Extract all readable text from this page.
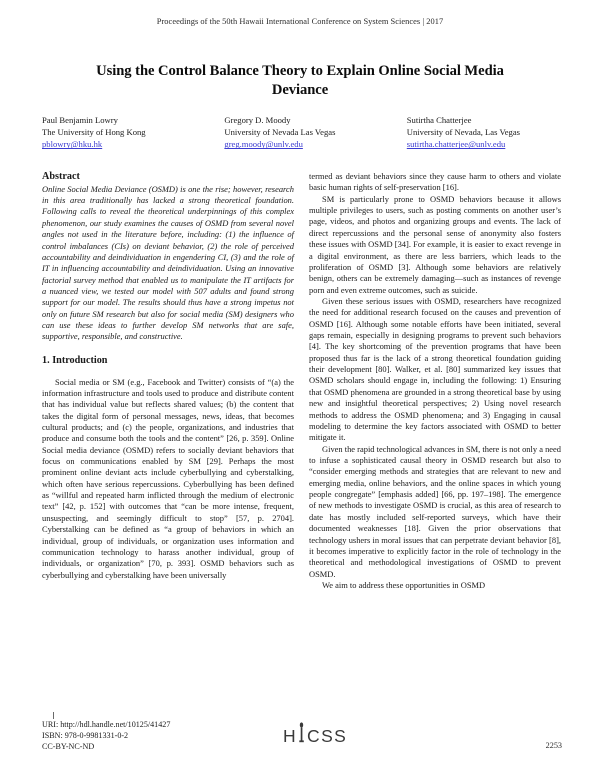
Proceedings of the 50th Hawaii International Conference on System Sciences | 2017
Using the Control Balance Theory to Explain Online Social Media Deviance
Paul Benjamin Lowry
The University of Hong Kong
pblowry@hku.hk
Gregory D. Moody
University of Nevada Las Vegas
greg.moody@unlv.edu
Sutirtha Chatterjee
University of Nevada, Las Vegas
sutirtha.chatterjee@unlv.edu
Abstract

Online Social Media Deviance (OSMD) is one the rise; however, research in this area traditionally has lacked a strong theoretical foundation. Following calls to reveal the theoretical underpinnings of this complex phenomenon, our study examines the causes of OSMD from several novel angles not used in the literature before, including: (1) the influence of control imbalances (CIs) on deviant behavior, (2) the role of perceived accountability and deindividuation in engendering CI, (3) and the role of IT in influencing accountability and deindividuation. Using an innovative factorial survey method that enabled us to manipulate the IT artifacts for a nuanced view, we tested our model with 507 adults and found strong support for our model. The results should thus have a strong impetus not only on future SM research but also for social media (SM) designers who can use these ideas to further develop SM networks that are safe, supportive, responsible, and constructive.

1. Introduction

Social media or SM (e.g., Facebook and Twitter) consists of “(a) the information infrastructure and tools used to produce and distribute content that has individual value but reflects shared values; (b) the content that takes the digital form of personal messages, news, ideas, that becomes cultural products; and (c) the people, organizations, and industries that produce and consume both the tools and the content” [26, p. 359]. Online Social media deviance (OSMD) refers to socially deviant behaviors that focus on communications enabled by SM [29]. Perhaps the most prominent online deviant acts include cyberbullying and cyberstalking, which often have serious repercussions. Cyberbullying has been defined as “willful and repeated harm inflicted through the medium of electronic text” [42, p. 152] with outcomes that “can be more intense, frequent, unsuspecting, and seemingly difficult to stop” [57, p. 2704]. Cyberstalking can be defined as “a group of behaviors in which an individual, group of individuals, or organization uses information and communication technology to harass another individual, group of individuals, or organization” [70, p. 393]. OSMD behaviors such as cyberbullying and cyberstalking have been universally

termed as deviant behaviors since they cause harm to others and violate basic human rights of self-preservation [16].

SM is particularly prone to OSMD behaviors because it allows multiple privileges to users, such as posting comments on another user’s page, videos, and photos and organizing groups and events. The lack of direct repercussions and the personal sense of anonymity also fosters these issues with OSMD [34]. For example, it is easier to exact revenge in a digital environment, as there are less barriers, which leads to the proliferation of OSMD [3]. Although some behaviors are relatively benign, others can be extremely damaging—such as instances of revenge porn and even extreme outcomes, such as suicide.

Given these serious issues with OSMD, researchers have recognized the need for additional research focused on the causes and prevention of OSMD [16]. Although some notable efforts have been initiated, several gaps remain, especially in designing programs to prevent such behaviors [4]. The key shortcoming of the prevention programs that have been proposed thus far is the lack of a strong theoretical foundation guiding their development [80]. Walker, et al. [80] summarized key issues that OSMD scholars should engage in, including the following: 1) Ensuring that OSMD phenomena are grounded in a strong theoretical base by using new and insightful theoretical perspectives; 2) Using novel research methods to address the OSMD phenomena; and 3) Engaging in causal modeling to determine the key factors associated with OSMD to better mitigate it.

Given the rapid technological advances in SM, there is not only a need to infuse a sophisticated causal theory in OSMD research but also to “consider emerging methods and strategies that are relevant to new and emerging media, online behaviors, and the online spaces in which young people congregate” [emphasis added] [66, pp. 197–198]. The emergence of new methods to investigate OSMD is crucial, as this area of research to date has mostly included self-reported surveys, which have their documented weaknesses [18]. Given the prior observations that technology ushers in moral issues that can perpetrate deviant behavior [8], it becomes imperative to explicitly factor in the role of technology in the theoretical and methodological investigations of OSMD to prevent OSMD.

We aim to address these opportunities in OSMD

URI: http://hdl.handle.net/10125/41427
ISBN: 978-0-9981331-0-2
CC-BY-NC-ND
H CSS	2253
